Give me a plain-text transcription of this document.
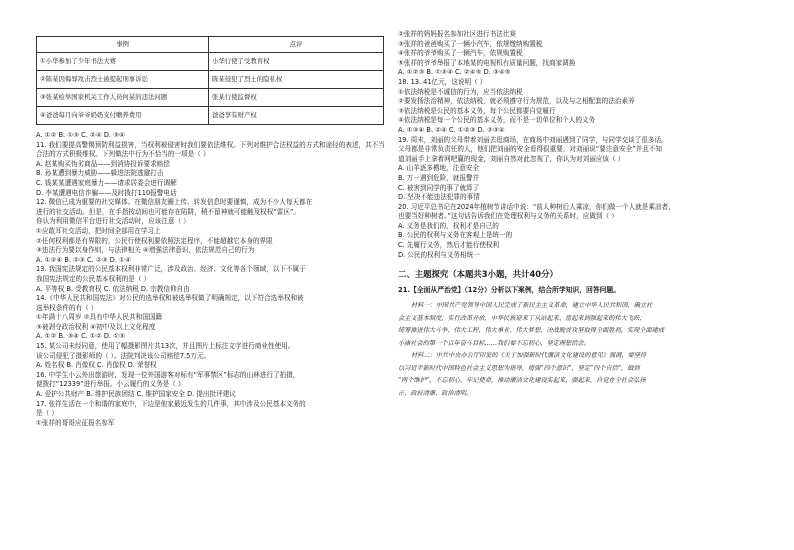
事例	点评
①小华参加了少年书法大赛	小华行使了受教育权
②陈某因侮辱攻击烈士被提起刑事诉讼	陈某侵犯了烈士的隐私权
③张某检举国家机关工作人员何某的违法问题	张某行使监督权
④爸爸每月向爷爷奶奶支付赡养费用	爸爸享有财产权
A. ①② B. ①③ C. ②④ D. ③④
11. 我们要提高警惕预防利益损害，当权利被侵害时我们要依法维权。下列对维护合法权益的方式和途径的表述，共不当
合法的方式积极维权。下列做法中行为不恰当的一项是（ ）
A. 赵某购买伪劣商品——到消协投诉要求赔偿
B. 孙某遭到暴力威胁——躲进法院逃避打击
C. 钱某某遭遇家庭暴力——请求居委会进行调解
D. 李某遭遇电信诈骗——及时拨打110报警电话
12. 微信已成为重要的社交媒体。在微信朋友圈上传、转发信息时要谨慎，成为不少人每天都在
进行的社交活动。但是，在手指按动间也可能存在陷阱，稍不留神就可能触及权权“雷区”。
你认为利用微信平台进行社交活动时，应该注意（ ）
①应敢耳社交活动，把时间全部用在学习上
②任何权利都是有界限的，公民行使权利要依照法定程序，不能超越它本身的界限
③违法行为要以身作则，与法律相关 ④增强法律意识，依法规范自己的行为
A. ①②④ B. ②③ C. ②③ D. ①④
13. 我国宪法规定的公民基本权利非常广泛，涉及政治、经济、文化等各个领域，以下不属于
我国宪法规定的公民基本权利的是（ ）
A. 平等权 B. 受教育权 C. 依法纳税 D. 宗教信仰自由
14.《中华人民共和国宪法》对公民的选举权和被选举权做了明确规定，以下符合选举权和被
选举权条件的有（ ）
①年满十八周岁 ②具有中华人民共和国国籍
③被剥夺政治权利 ④初中及以上文化程度
A. ①② B. ③④ C. ①② D. ①③
15. 某公司未经同意，使用了幅摄影图片共13次，并且图片上标注文字进行商业性使用。
该公司侵犯了摄影师的（ ）。法院判决该公司赔偿7.5万元。
A. 姓名权 B. 肖像权 C. 肖像权 D. 荣誉权
16. 中学生小云外出旅游时，发现一位外国游客对标有“军事禁区”标志的山林进行了拍摄，
便拨打“12339”进行举报。小云履行的义务是（ ）
A. 爱护公共财产 B. 维护民族团结 C. 维护国家安全 D. 提出批评建议
17. 张祥生活在一个和谐的家庭中，下边是他家最近发生的几件事，其中涉及公民基本义务的
是（ ）
①张祥的哥哥应征报名参军
②张祥的妈妈报名参加社区进行书法比赛
③张祥的爸爸购买了一辆小汽车，依规缴纳购置税
④张祥的爷爷购买了一辆汽车，依规购置税
⑤张祥的爷爷举报了本地某的电视机有质量问题，找商家调换
A. ①②③ B. ①③④ C. ②④⑤ D. ③④⑤
18. 13. 41亿元，这说明（ ）
①依法纳税是不诚信的行为，应当依法纳税
②要发扬法治精神，依法纳税，就必须遵守行为规范，以及与之相配套的法治素养
③依法纳税是公民的基本义务，每个公民都要自觉履行
④依法纳税是每一个公民的基本义务，而不是一切单位和个人的义务
A. ①③④ B. ②④ C. ①②③ D. ②③④
19. 周末，刘丽的父母带着刘丽去逛商场，在商场中刘丽遇到了同学，与同学交谈了很多话。
父母都是非常负责任的人，他们把刘丽的安全看得很重要，对刘丽说“要注意安全”并且不知
道刘丽手上拿着网吧赢的现金，刘丽自然对此忽视了，你认为对刘丽应该（ ）
A. 山羊逐多栖地，注意安全
B. 万一遇到危险，就报警并
C. 被害到同学的事了就算了
D. 坚决不能违法犯罪的事情
20. 习近平总书记在2024年植树节讲话中说：“前人种树后人乘凉，你们做一个人就是乘凉者，
也要当好种树者。”这句话告诉我们在处理权利与义务的关系时，应做到（ ）
A. 义务是我们的，权利才是自己的
B. 公民的权利与义务在客观上是统一的
C. 先履行义务，然后才能行使权利
D. 公民的权利与义务相统一
二、主题探究（本题共3小题，共计40分）
21.【全面从严治党】（12分）分析以下案例，结合所学知识，回答问题。
材料一：中国共产党领导中国人民完成了新民主主义革命，建立中华人民共和国，确立社
会主义基本制度，实行改革开放，中华民族迎来了从站起来、富起来到强起来的伟大飞跃；
统筹推进伟大斗争、伟大工程、伟大事业、伟大梦想，决战脱贫攻坚取得全面胜利，实现全面建成
小康社会的第一个百年奋斗目标……我们要不忘初心，坚定理想信念。
材料二：中共中央办公厅印发的《关于加强新时代廉洁文化建设的意见》强调，要坚持
以习近平新时代中国特色社会主义思想为指导，增强“四个意识”，坚定“四个自信”，做到
“两个维护”，不忘初心，牢记使命，推动廉洁文化建设实起来、强起来，自觉在全社会弘扬
正、政府清廉、政治清明。
